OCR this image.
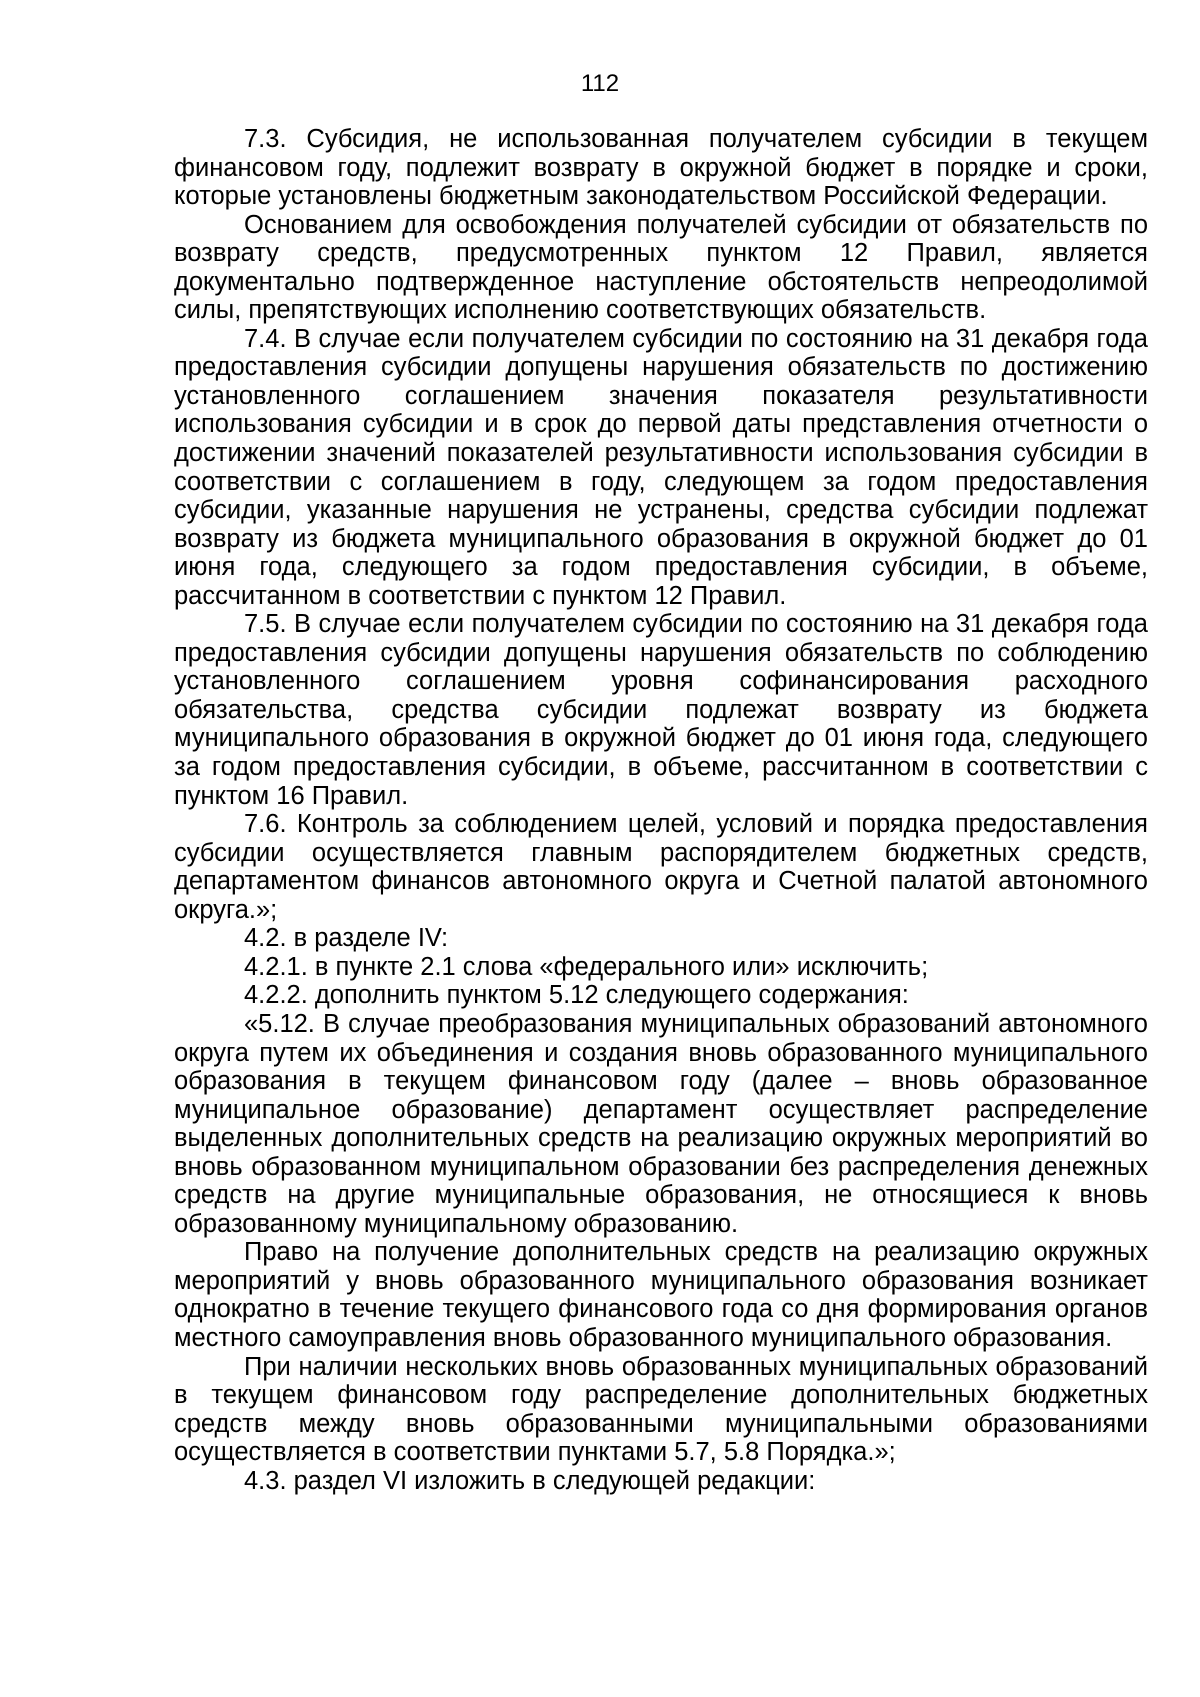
112

7.3. Субсидия, не использованная получателем субсидии в текущем финансовом году, подлежит возврату в окружной бюджет в порядке и сроки, которые установлены бюджетным законодательством Российской Федерации.

Основанием для освобождения получателей субсидии от обязательств по возврату средств, предусмотренных пунктом 12 Правил, является документально подтвержденное наступление обстоятельств непреодолимой силы, препятствующих исполнению соответствующих обязательств.

7.4. В случае если получателем субсидии по состоянию на 31 декабря года предоставления субсидии допущены нарушения обязательств по достижению установленного соглашением значения показателя результативности использования субсидии и в срок до первой даты представления отчетности о достижении значений показателей результативности использования субсидии в соответствии с соглашением в году, следующем за годом предоставления субсидии, указанные нарушения не устранены, средства субсидии подлежат возврату из бюджета муниципального образования в окружной бюджет до 01 июня года, следующего за годом предоставления субсидии, в объеме, рассчитанном в соответствии с пунктом 12 Правил.

7.5. В случае если получателем субсидии по состоянию на 31 декабря года предоставления субсидии допущены нарушения обязательств по соблюдению установленного соглашением уровня софинансирования расходного обязательства, средства субсидии подлежат возврату из бюджета муниципального образования в окружной бюджет до 01 июня года, следующего за годом предоставления субсидии, в объеме, рассчитанном в соответствии с пунктом 16 Правил.

7.6. Контроль за соблюдением целей, условий и порядка предоставления субсидии осуществляется главным распорядителем бюджетных средств, департаментом финансов автономного округа и Счетной палатой автономного округа.»;

4.2. в разделе IV:

4.2.1. в пункте 2.1 слова «федерального или» исключить;

4.2.2. дополнить пунктом 5.12 следующего содержания:

«5.12. В случае преобразования муниципальных образований автономного округа путем их объединения и создания вновь образованного муниципального образования в текущем финансовом году (далее – вновь образованное муниципальное образование) департамент осуществляет распределение выделенных дополнительных средств на реализацию окружных мероприятий во вновь образованном муниципальном образовании без распределения денежных средств на другие муниципальные образования, не относящиеся к вновь образованному муниципальному образованию.

Право на получение дополнительных средств на реализацию окружных мероприятий у вновь образованного муниципального образования возникает однократно в течение текущего финансового года со дня формирования органов местного самоуправления вновь образованного муниципального образования.

При наличии нескольких вновь образованных муниципальных образований в текущем финансовом году распределение дополнительных бюджетных средств между вновь образованными муниципальными образованиями осуществляется в соответствии пунктами 5.7, 5.8 Порядка.»;

4.3. раздел VI изложить в следующей редакции:
